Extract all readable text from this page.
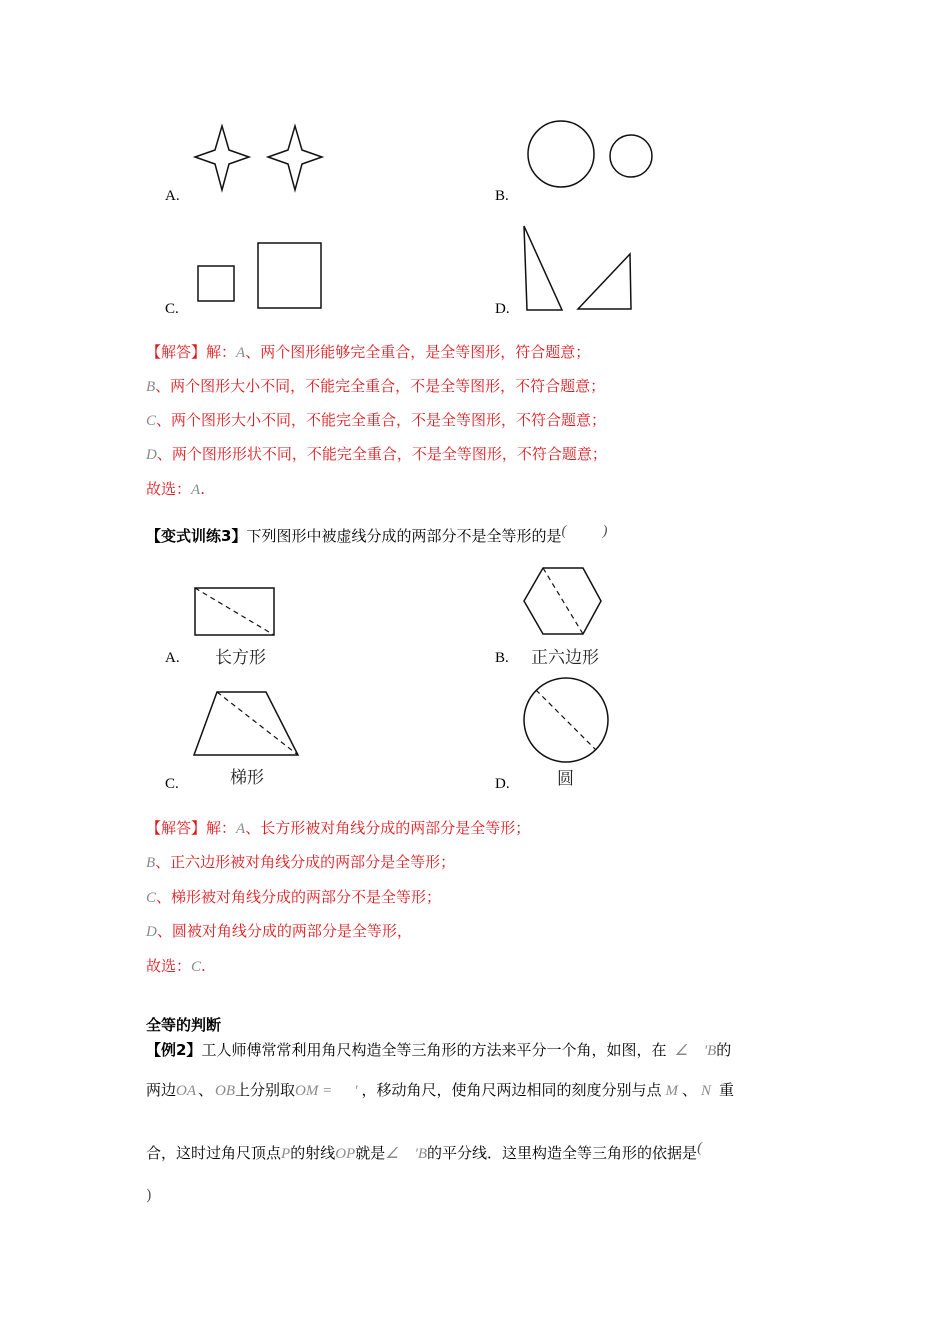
A.	B.
C.	D.
【解答】解：A、两个图形能够完全重合，是全等图形，符合题意；
B、两个图形大小不同，不能完全重合，不是全等图形，不符合题意；
C、两个图形大小不同，不能完全重合，不是全等图形，不符合题意；
D、两个图形形状不同，不能完全重合，不是全等图形，不符合题意；
故选：A.
【变式训练3】下列图形中被虚线分成的两部分不是全等形的是( )
A. 长方形	B. 正六边形
C.	梯形	D.	圆
【解答】解：A、长方形被对角线分成的两部分是全等形；
B、正六边形被对角线分成的两部分是全等形；
C、梯形被对角线分成的两部分不是全等形；
D、圆被对角线分成的两部分是全等形，
故选：C.
全等的判断
【例2】工人师傅常常利用角尺构造全等三角形的方法来平分一个角，如图，在 ∠ 'B的
两边OA 、 OB上分别取OM = ' ，移动角尺，使角尺两边相同的刻度分别与点 M 、 N 重
合，这时过角尺顶点P的射线OP就是∠ 'B的平分线．这里构造全等三角形的依据是(
)
